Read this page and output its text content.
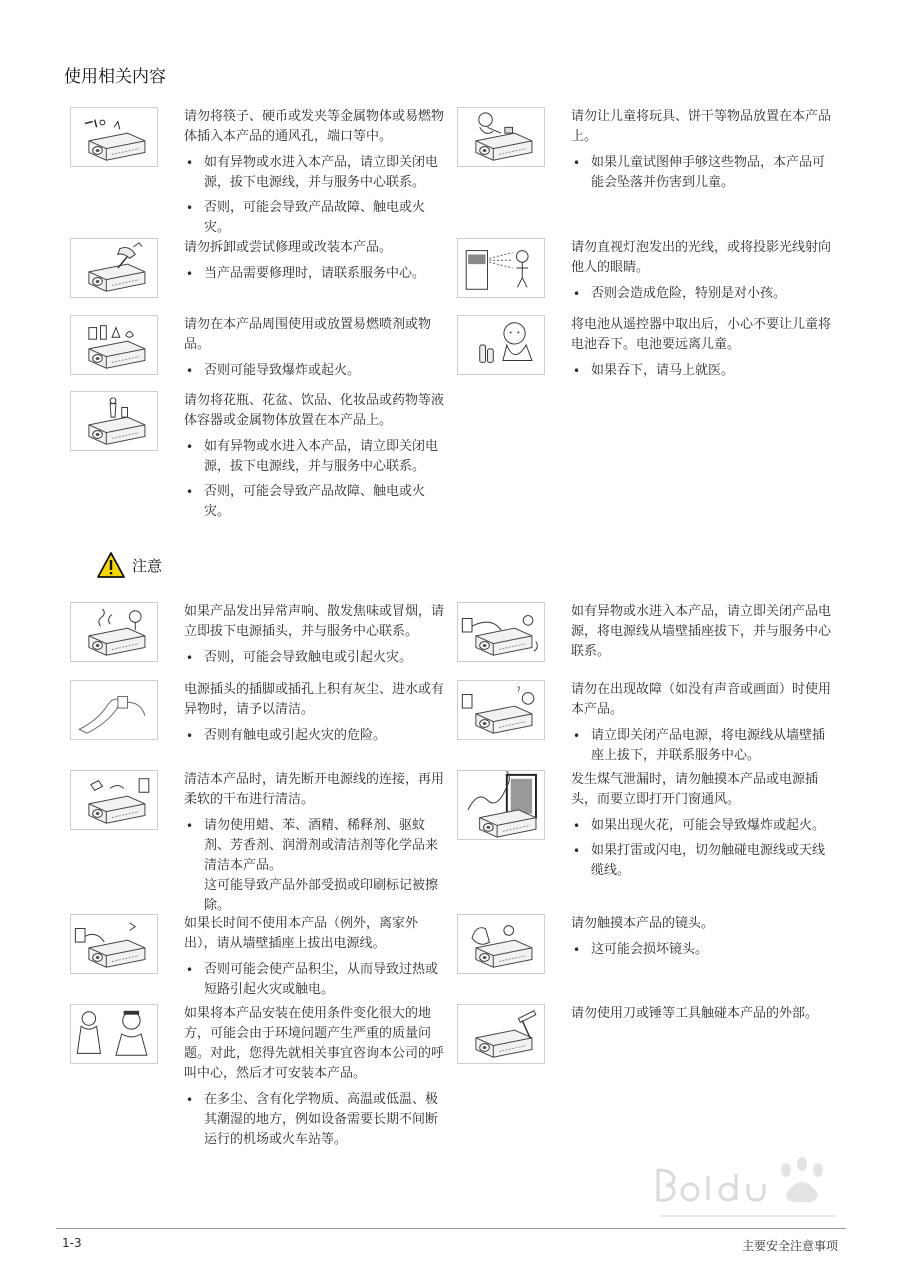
使用相关内容

请勿将筷子、硬币或发夹等金属物体或易燃物体插入本产品的通风孔，端口等中。

• 如有异物或水进入本产品，请立即关闭电源，拔下电源线，并与服务中心联系。
• 否则，可能会导致产品故障、触电或火灾。

请勿让儿童将玩具、饼干等物品放置在本产品上。

• 如果儿童试图伸手够这些物品，本产品可能会坠落并伤害到儿童。

请勿拆卸或尝试修理或改装本产品。

• 当产品需要修理时，请联系服务中心。

请勿直视灯泡发出的光线，或将投影光线射向他人的眼睛。

• 否则会造成危险，特别是对小孩。

请勿在本产品周围使用或放置易燃喷剂或物品。

• 否则可能导致爆炸或起火。

将电池从遥控器中取出后，小心不要让儿童将电池吞下。电池要远离儿童。

• 如果吞下，请马上就医。

请勿将花瓶、花盆、饮品、化妆品或药物等液体容器或金属物体放置在本产品上。

• 如有异物或水进入本产品，请立即关闭电源，拔下电源线，并与服务中心联系。
• 否则，可能会导致产品故障、触电或火灾。
注意

如果产品发出异常声响、散发焦味或冒烟，请立即拔下电源插头，并与服务中心联系。

• 否则，可能会导致触电或引起火灾。

如有异物或水进入本产品，请立即关闭产品电源，将电源线从墙壁插座拔下，并与服务中心联系。

电源插头的插脚或插孔上积有灰尘、进水或有异物时，请予以清洁。

• 否则有触电或引起火灾的危险。
?	请勿在出现故障（如没有声音或画面）时使用本产品。

• 请立即关闭产品电源，将电源线从墙壁插座上拔下，并联系服务中心。

清洁本产品时，请先断开电源线的连接，再用柔软的干布进行清洁。

• 请勿使用蜡、苯、酒精、稀释剂、驱蚊剂、芳香剂、润滑剂或清洁剂等化学品来清洁本产品。
这可能导致产品外部受损或印刷标记被擦除。

发生煤气泄漏时，请勿触摸本产品或电源插头，而要立即打开门窗通风。

• 如果出现火花，可能会导致爆炸或起火。
• 如果打雷或闪电，切勿触碰电源线或天线缆线。

如果长时间不使用本产品（例外，离家外出），请从墙壁插座上拔出电源线。

• 否则可能会使产品积尘，从而导致过热或短路引起火灾或触电。

请勿触摸本产品的镜头。

• 这可能会损坏镜头。

如果将本产品安装在使用条件变化很大的地方，可能会由于环境问题产生严重的质量问题。对此，您得先就相关事宜咨询本公司的呼叫中心，然后才可安装本产品。

• 在多尘、含有化学物质、高温或低温、极其潮湿的地方，例如设备需要长期不间断运行的机场或火车站等。

请勿使用刀或锤等工具触碰本产品的外部。

1-3	主要安全注意事项
